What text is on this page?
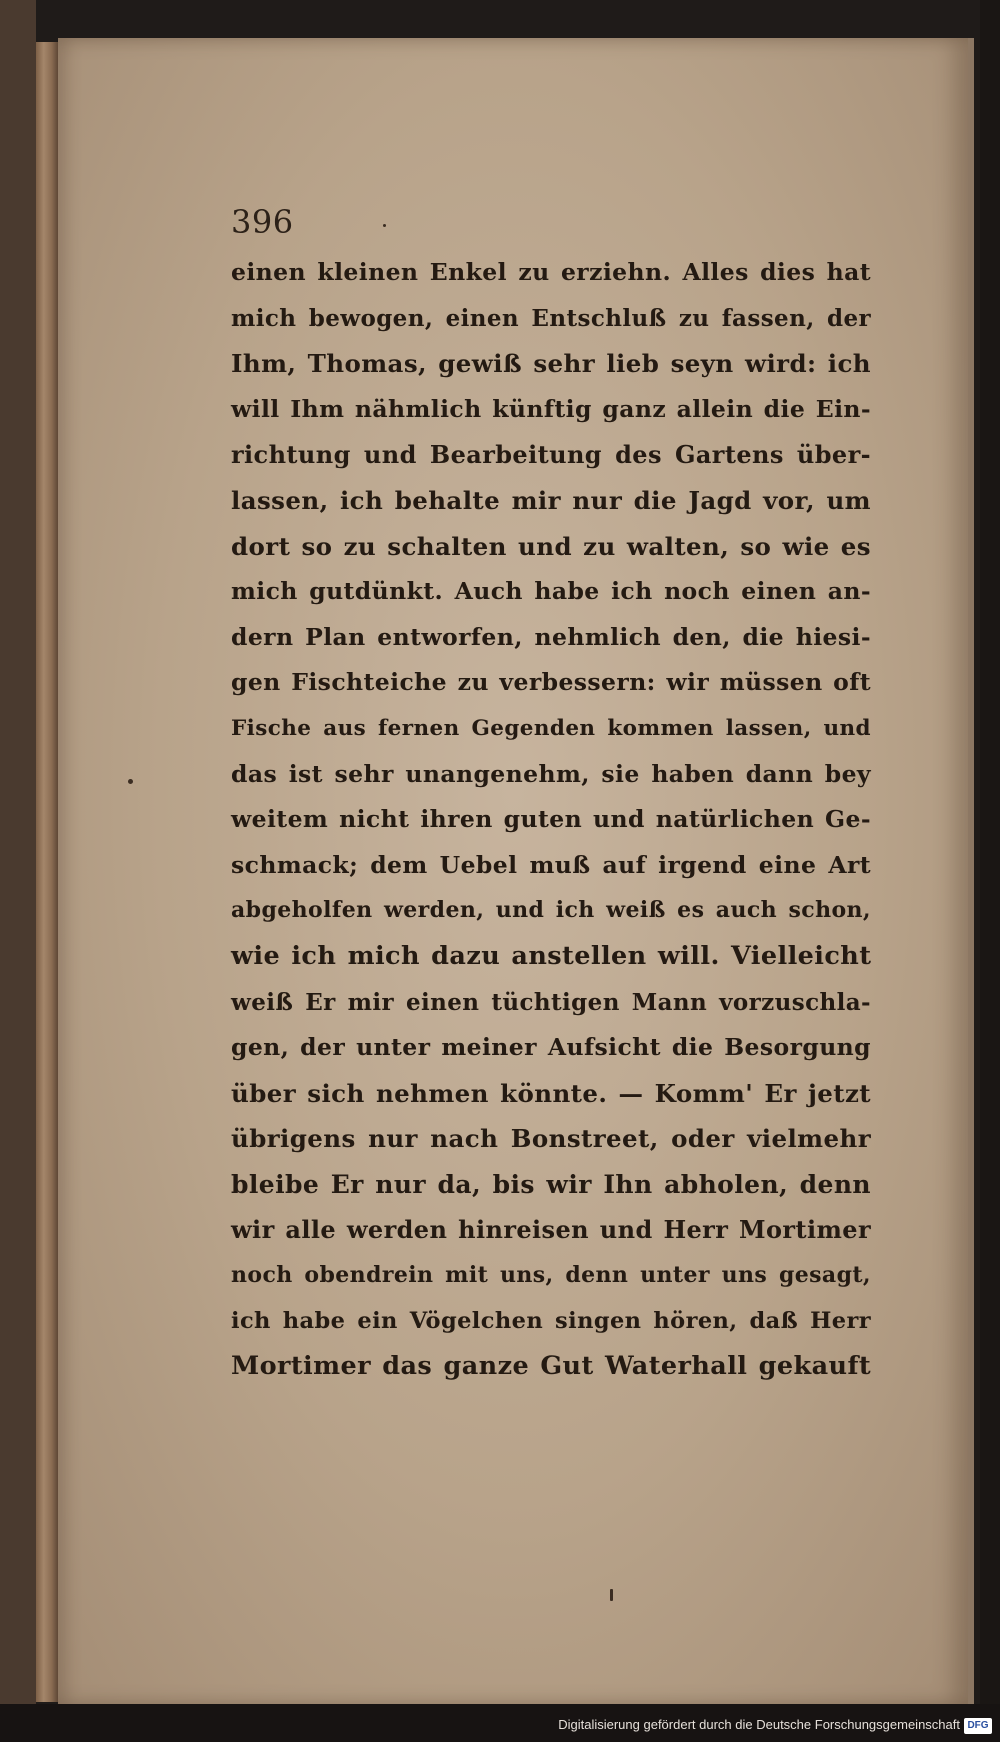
396
einen kleinen Enkel zu erziehn. Alles dies hat
mich bewogen, einen Entschluß zu fassen, der
Ihm, Thomas, gewiß sehr lieb seyn wird: ich
will Ihm nähmlich künftig ganz allein die Ein-
richtung und Bearbeitung des Gartens über-
lassen, ich behalte mir nur die Jagd vor, um
dort so zu schalten und zu walten, so wie es
mich gutdünkt. Auch habe ich noch einen an-
dern Plan entworfen, nehmlich den, die hiesi-
gen Fischteiche zu verbessern: wir müssen oft
Fische aus fernen Gegenden kommen lassen, und
das ist sehr unangenehm, sie haben dann bey
weitem nicht ihren guten und natürlichen Ge-
schmack; dem Uebel muß auf irgend eine Art
abgeholfen werden, und ich weiß es auch schon,
wie ich mich dazu anstellen will. Vielleicht
weiß Er mir einen tüchtigen Mann vorzuschla-
gen, der unter meiner Aufsicht die Besorgung
über sich nehmen könnte. — Komm' Er jetzt
übrigens nur nach Bonstreet, oder vielmehr
bleibe Er nur da, bis wir Ihn abholen, denn
wir alle werden hinreisen und Herr Mortimer
noch obendrein mit uns, denn unter uns gesagt,
ich habe ein Vögelchen singen hören, daß Herr
Mortimer das ganze Gut Waterhall gekauft
Digitalisierung gefördert durch die Deutsche Forschungsgemeinschaft DFG
